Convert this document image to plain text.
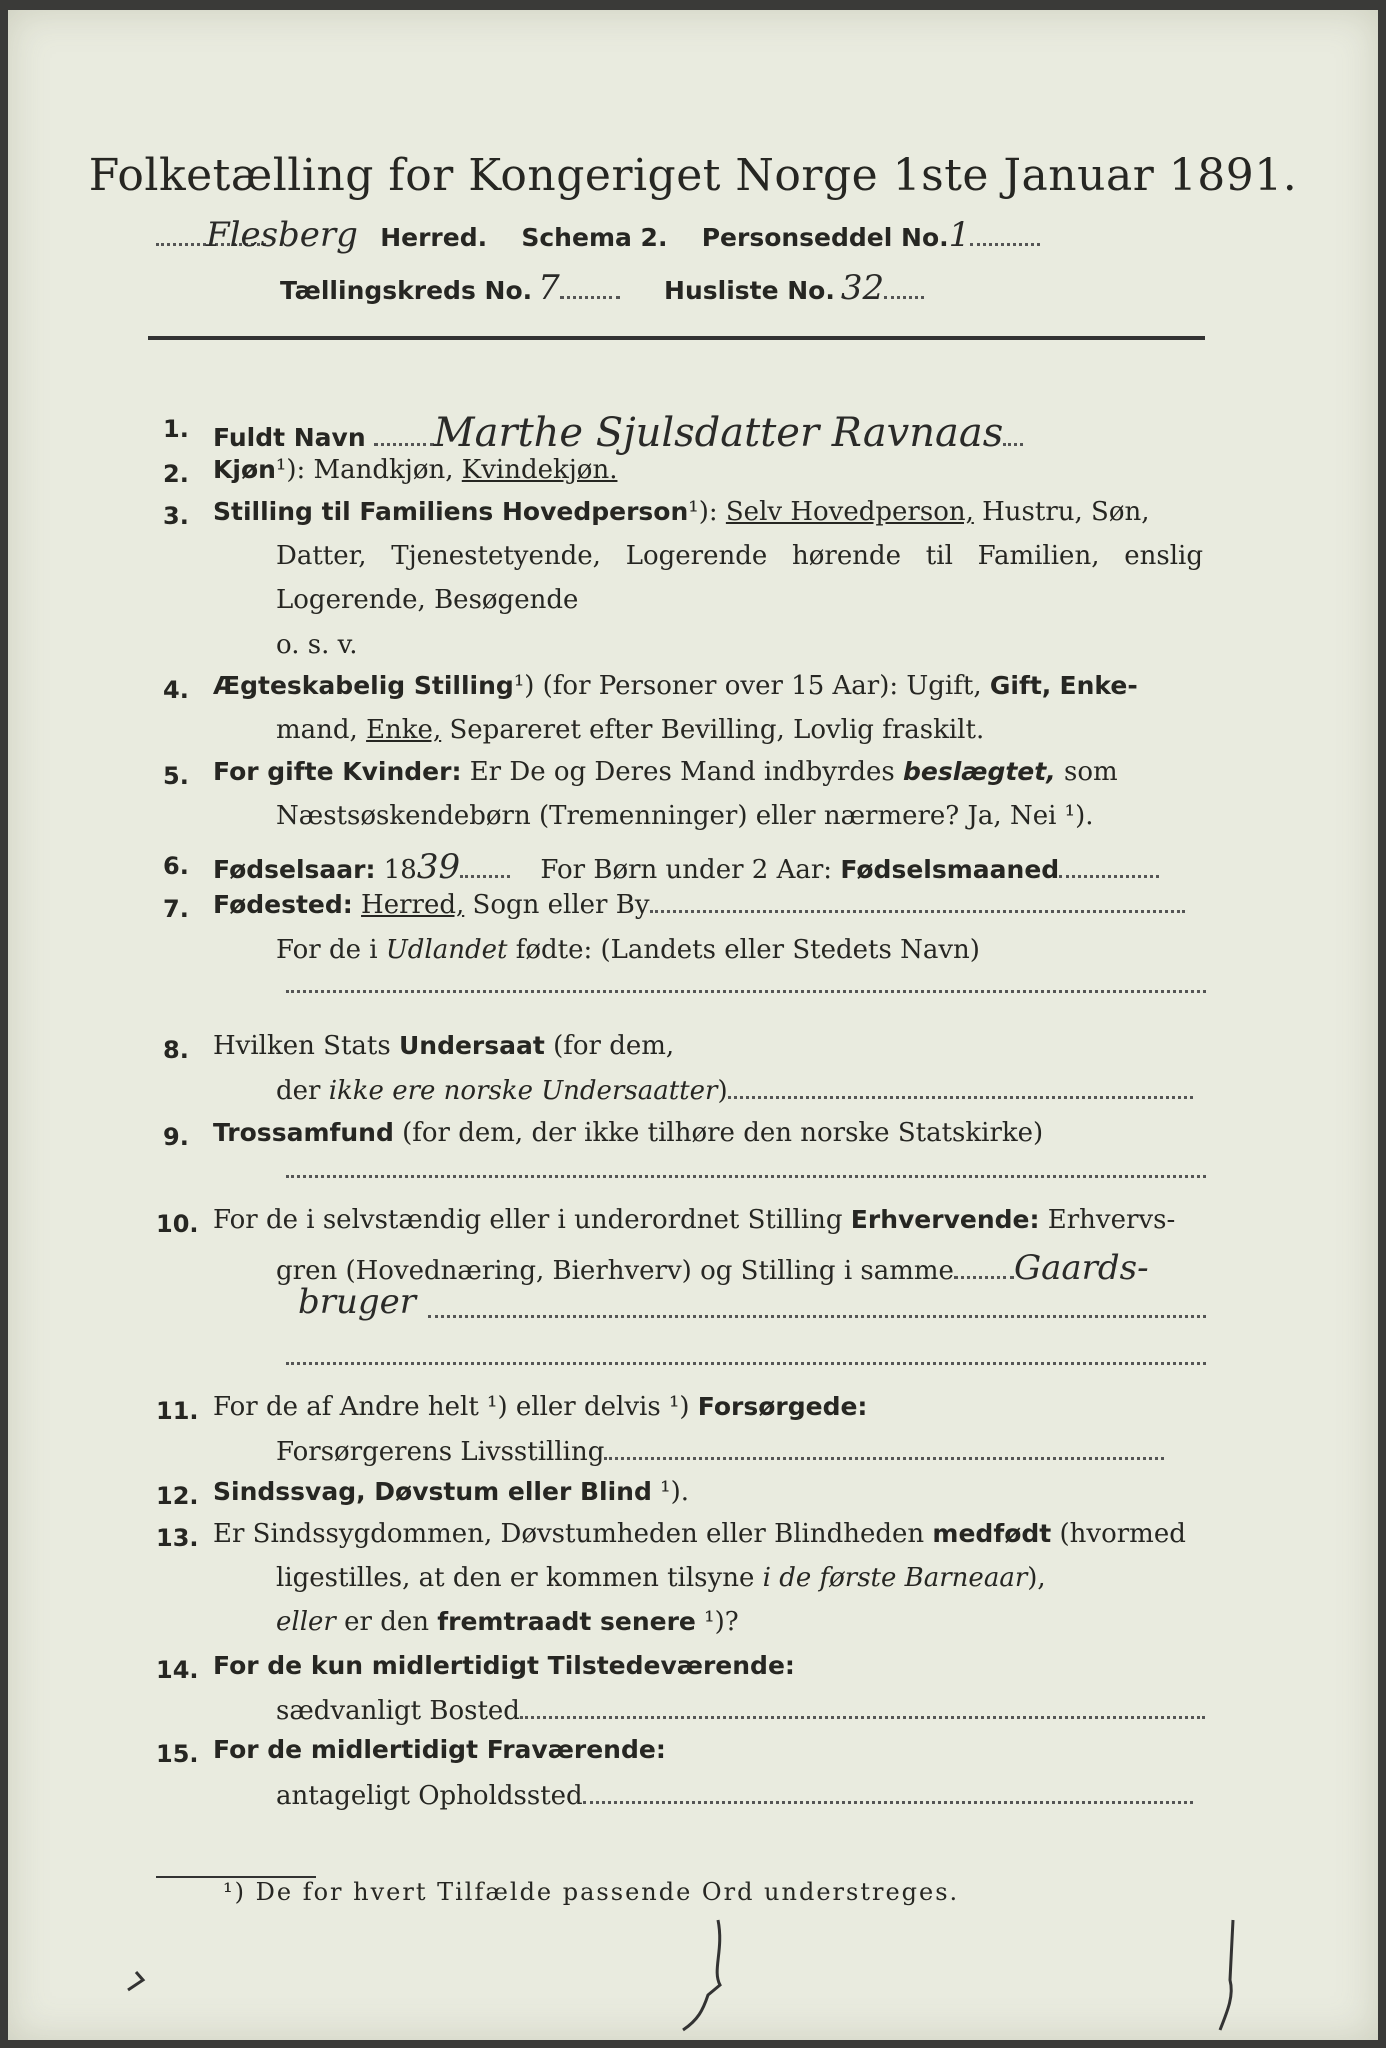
Folketælling for Kongeriget Norge 1ste Januar 1891.
Flesberg Herred. Schema 2. Personseddel No.1
Tællingskreds No. 7	Husliste No. 32
1. Fuldt Navn Marthe Sjulsdatter Ravnaas
2. Kjøn¹): Mandkjøn, Kvindekjøn.
3. Stilling til Familiens Hovedperson¹): Selv Hovedperson, Hustru, Søn,
Datter, Tjenestetyende, Logerende hørende til Familien, enslig
Logerende, Besøgende
o. s. v.
4. Ægteskabelig Stilling¹) (for Personer over 15 Aar): Ugift, Gift, Enke-
mand, Enke, Separeret efter Bevilling, Lovlig fraskilt.
5. For gifte Kvinder: Er De og Deres Mand indbyrdes beslægtet, som
Næstsøskendebørn (Tremenninger) eller nærmere? Ja, Nei ¹).
6. Fødselsaar: 1839	For Børn under 2 Aar: Fødselsmaaned
7. Fødested: Herred, Sogn eller By
For de i Udlandet fødte: (Landets eller Stedets Navn)
8. Hvilken Stats Undersaat (for dem,
der ikke ere norske Undersaatter)
9. Trossamfund (for dem, der ikke tilhøre den norske Statskirke)
10. For de i selvstændig eller i underordnet Stilling Erhvervende: Erhvervs-
gren (Hovednæring, Bierhverv) og Stilling i samme Gaards-
bruger
11. For de af Andre helt ¹) eller delvis ¹) Forsørgede:
Forsørgerens Livsstilling
12. Sindssvag, Døvstum eller Blind ¹).
13. Er Sindssygdommen, Døvstumheden eller Blindheden medfødt (hvormed
ligestilles, at den er kommen tilsyne i de første Barneaar),
eller er den fremtraadt senere ¹)?
14. For de kun midlertidigt Tilstedeværende:
sædvanligt Bosted
15. For de midlertidigt Fraværende:
antageligt Opholdssted
¹) De for hvert Tilfælde passende Ord understreges.
